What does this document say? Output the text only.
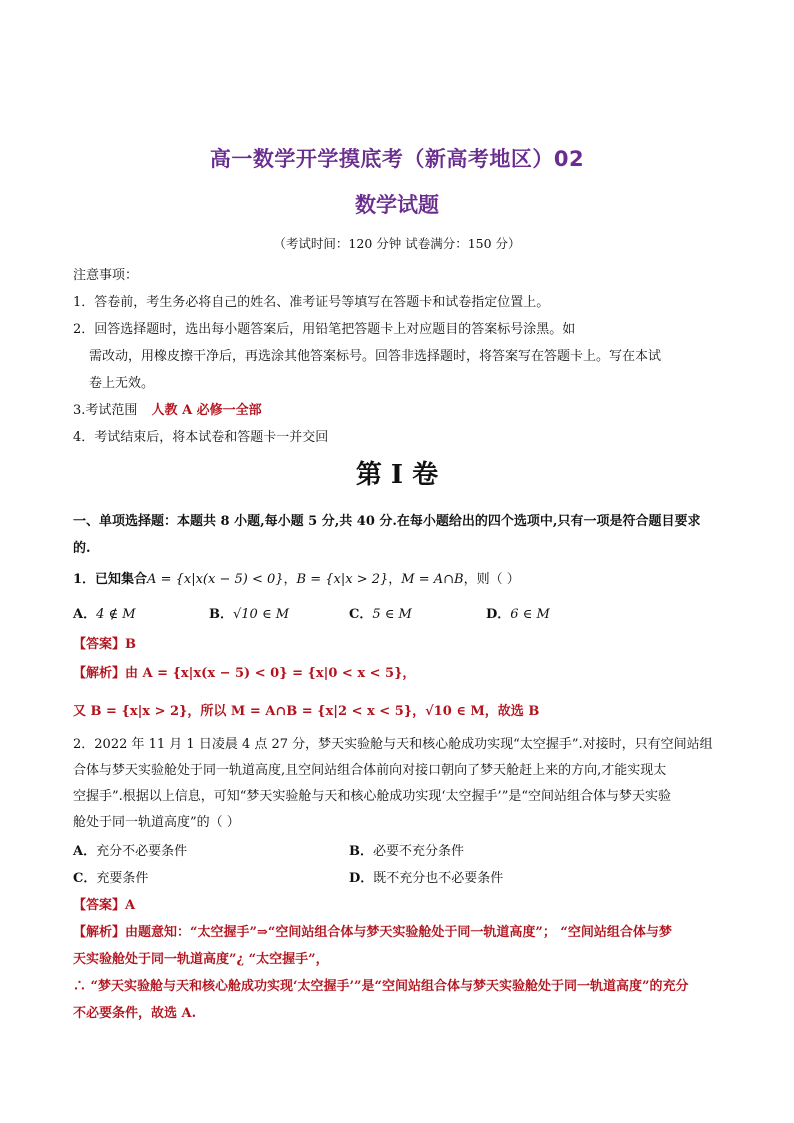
高一数学开学摸底考（新高考地区）02
数学试题
（考试时间：120 分钟 试卷满分：150 分）
注意事项：
1．答卷前，考生务必将自己的姓名、准考证号等填写在答题卡和试卷指定位置上。
2．回答选择题时，选出每小题答案后，用铅笔把答题卡上对应题目的答案标号涂黑。如
需改动，用橡皮擦干净后，再选涂其他答案标号。回答非选择题时，将答案写在答题卡上。写在本试
卷上无效。
3.考试范围 人教 A 必修一全部
4．考试结束后，将本试卷和答题卡一并交回
第 I 卷
一、单项选择题：本题共 8 小题,每小题 5 分,共 40 分.在每小题给出的四个选项中,只有一项是符合题目要求
的.
1．已知集合A = {x|x(x − 5) < 0}，B = {x|x > 2}，M = A∩B，则（ ）
A．4 ∉ M	B．√10 ∈ M	C．5 ∈ M	D．6 ∈ M
【答案】B
【解析】由 A = {x|x(x − 5) < 0} = {x|0 < x < 5}，
又 B = {x|x > 2}，所以 M = A∩B = {x|2 < x < 5}，√10 ∈ M，故选 B
2．2022 年 11 月 1 日凌晨 4 点 27 分，梦天实验舱与天和核心舱成功实现“太空握手”.对接时，只有空间站组
合体与梦天实验舱处于同一轨道高度,且空间站组合体前向对接口朝向了梦天舱赶上来的方向,才能实现太
空握手”.根据以上信息，可知“梦天实验舱与天和核心舱成功实现‘太空握手’”是“空间站组合体与梦天实验
舱处于同一轨道高度”的（ ）
A．充分不必要条件	B．必要不充分条件
C．充要条件	D．既不充分也不必要条件
【答案】A
【解析】由题意知：“太空握手”⇒“空间站组合体与梦天实验舱处于同一轨道高度”； “空间站组合体与梦
天实验舱处于同一轨道高度”¿ “太空握手”，
∴ “梦天实验舱与天和核心舱成功实现‘太空握手’”是“空间站组合体与梦天实验舱处于同一轨道高度”的充分
不必要条件，故选 A.
